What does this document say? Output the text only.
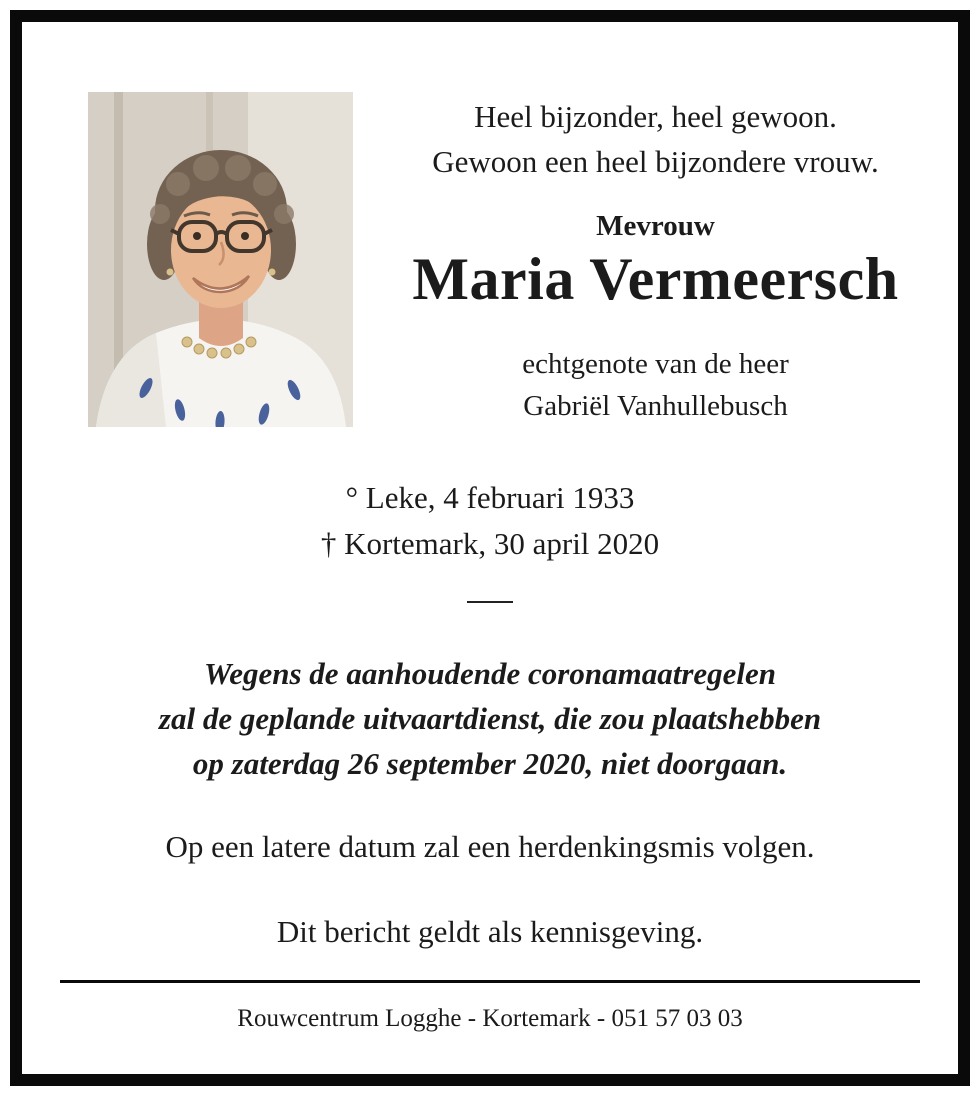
Heel bijzonder, heel gewoon.
Gewoon een heel bijzondere vrouw.
Mevrouw
Maria Vermeersch
echtgenote van de heer
Gabriël Vanhullebusch
° Leke, 4 februari 1933
† Kortemark, 30 april 2020
Wegens de aanhoudende coronamaatregelen
zal de geplande uitvaartdienst, die zou plaatshebben
op zaterdag 26 september 2020, niet doorgaan.
Op een latere datum zal een herdenkingsmis volgen.
Dit bericht geldt als kennisgeving.
Rouwcentrum Logghe - Kortemark - 051 57 03 03
